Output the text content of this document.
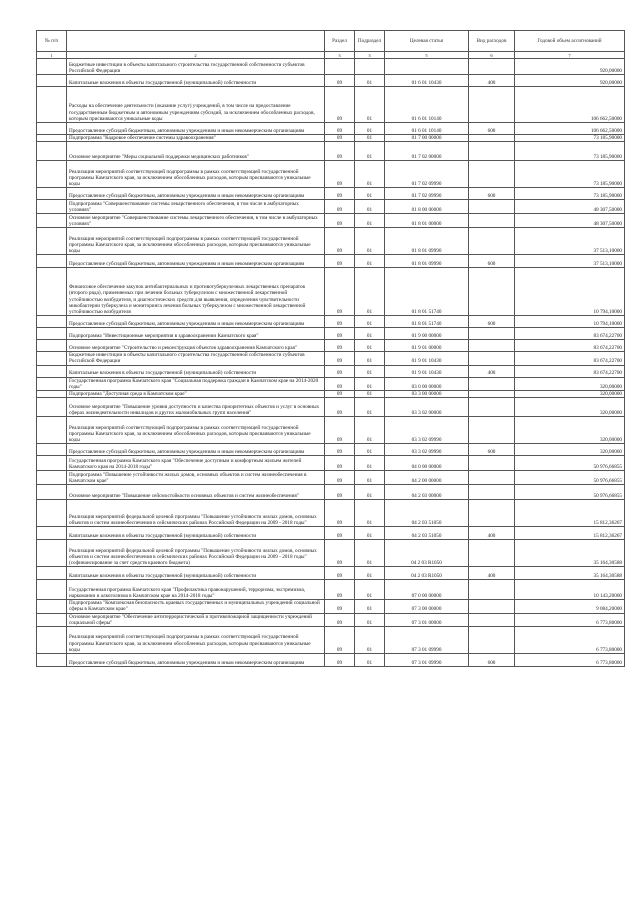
№ п/п		Раздел	Подраздел	Целевая статья	Вид расходов	Годовой объем ассигнований
1	2	3	3	5	6	7
	Бюджетные инвестиции в объекты капитального строительства государственной собственности субъектов Российской Федерации					920,00000
	Капитальные вложения в объекты государственной (муниципальной) собственности	09	01	01 6 01 10430	400	920,00000
	Расходы на обеспечение деятельности (оказание услуг) учреждений, в том числе на предоставление государственным бюджетным и автономным учреждениям субсидий, за исключением обособленных расходов, которым присваиваются уникальные коды	09	01	01 6 01 10140		106 662,50000
	Предоставление субсидий бюджетным, автономным учреждениям и иным некоммерческим организациям	09	01	01 6 01 10140	600	106 662,50000
	Подпрограмма "Кадровое обеспечение системы здравоохранения"	09	01	01 7 00 00000		73 185,90000
	Основное мероприятие "Меры социальной поддержки медицинских работников"	09	01	01 7 02 00000		73 185,90000
	Реализация мероприятий соответствующей подпрограммы в рамках соответствующей государственной программы Камчатского края, за исключением обособленных расходов, которым присваиваются уникальные коды	09	01	01 7 02 09990		73 185,90000
	Предоставление субсидий бюджетным, автономным учреждениям и иным некоммерческим организациям	09	01	01 7 02 09990	600	73 185,90000
	Подпрограмма "Совершенствование системы лекарственного обеспечения, в том числе в амбулаторных условиях"	09	01	01 8 00 00000		48 307,50000
	Основное мероприятие "Совершенствование системы лекарственного обеспечения, в том числе в амбулаторных условиях"	09	01	01 8 01 00000		48 307,50000
	Реализация мероприятий соответствующей подпрограммы в рамках соответствующей государственной программы Камчатского края, за исключением обособленных расходов, которым присваиваются уникальные коды	09	01	01 8 01 09990		37 513,10000
	Предоставление субсидий бюджетным, автономным учреждениям и иным некоммерческим организациям	09	01	01 8 01 09990	600	37 513,10000
	Финансовое обеспечение закупок антибактериальных и противотуберкулезных лекарственных препаратов (второго ряда), применяемых при лечении больных туберкулезом с множественной лекарственной устойчивостью возбудителя, и диагностических средств для выявления, определения чувствительности микобактерии туберкулеза и мониторинга лечения больных туберкулезом с множественной лекарственной устойчивостью возбудителя	09	01	01 8 01 51740		10 794,10000
	Предоставление субсидий бюджетным, автономным учреждениям и иным некоммерческим организациям	09	01	01 8 01 51740	600	10 794,10000
	Подпрограмма "Инвестиционные мероприятия в здравоохранении Камчатского края"	09	01	01 9 00 00000		83 674,22700
	Основное мероприятие "Строительство и реконструкция объектов здравоохранения Камчатского края"	09	01	01 9 01 00000		83 674,22700
	Бюджетные инвестиции в объекты капитального строительства государственной собственности субъектов Российской Федерации	09	01	01 9 01 10430		83 674,22700
	Капитальные вложения в объекты государственной (муниципальной) собственности	09	01	01 9 01 10430	400	83 674,22700
	Государственная программа Камчатского края "Социальная поддержка граждан в Камчатском крае на 2014-2020 годы"	09	01	03 0 00 00000		320,00000
	Подпрограмма "Доступная среда в Камчатском крае"	09	01	03 3 00 00000		320,00000
	Основное мероприятие "Повышение уровня доступности и качества приоритетных объектов и услуг в основных сферах жизнедеятельности инвалидов и других маломобильных групп населения"	09	01	03 3 02 00000		320,00000
	Реализация мероприятий соответствующей подпрограммы в рамках соответствующей государственной программы Камчатского края, за исключением обособленных расходов, которым присваиваются уникальные коды	09	01	03 3 02 09990		320,00000
	Предоставление субсидий бюджетным, автономным учреждениям и иным некоммерческим организациям	09	01	03 3 02 09990	600	320,00000
	Государственная программа Камчатского края "Обеспечение доступным и комфортным жильем жителей Камчатского края на 2014-2018 годы"	09	01	04 0 00 00000		50 976,66855
	Подпрограмма "Повышение устойчивости жилых домов, основных объектов и систем жизнеобеспечения в Камчатском крае"	09	01	04 2 00 00000		50 976,66855
	Основное мероприятие "Повышение сейсмостойкости основных объектов и систем жизнеобеспечения"	09	01	04 2 03 00000		50 976,66855
	Реализация мероприятий федеральной целевой программы "Повышение устойчивости жилых домов, основных объектов и систем жизнеобеспечения в сейсмических районах Российской Федерации на 2009 - 2018 годы"	09	01	04 2 03 51050		15 812,36267
	Капитальные вложения в объекты государственной (муниципальной) собственности	09	01	04 2 03 51050	400	15 812,36267
	Реализация мероприятий федеральной целевой программы "Повышение устойчивости жилых домов, основных объектов и систем жизнеобеспечения в сейсмических районах Российской Федерации на 2009 - 2018 годы" (софинансирование за счет средств краевого бюджета)	09	01	04 2 03 R1050		35 164,30588
	Капитальные вложения в объекты государственной (муниципальной) собственности	09	01	04 2 03 R1050	400	35 164,30588
	Государственная программа Камчатского края "Профилактика правонарушений, терроризма, экстремизма, наркомании и алкоголизма в Камчатском крае на 2014-2018 годы"	09	01	07 0 00 00000		10 143,20000
	Подпрограмма "Комплексная безопасность краевых государственных и муниципальных учреждений социальной сферы в Камчатском крае"	09	01	07 3 00 00000		9 084,20000
	Основное мероприятие "Обеспечение антитеррористической и противопожарной защищенности учреждений социальной сферы"	09	01	07 3 01 00000		6 773,80000
	Реализация мероприятий соответствующей подпрограммы в рамках соответствующей государственной программы Камчатского края, за исключением обособленных расходов, которым присваиваются уникальные коды	09	01	07 3 01 09990		6 773,80000
	Предоставление субсидий бюджетным, автономным учреждениям и иным некоммерческим организациям	09	01	07 3 01 09990	600	6 773,80000
